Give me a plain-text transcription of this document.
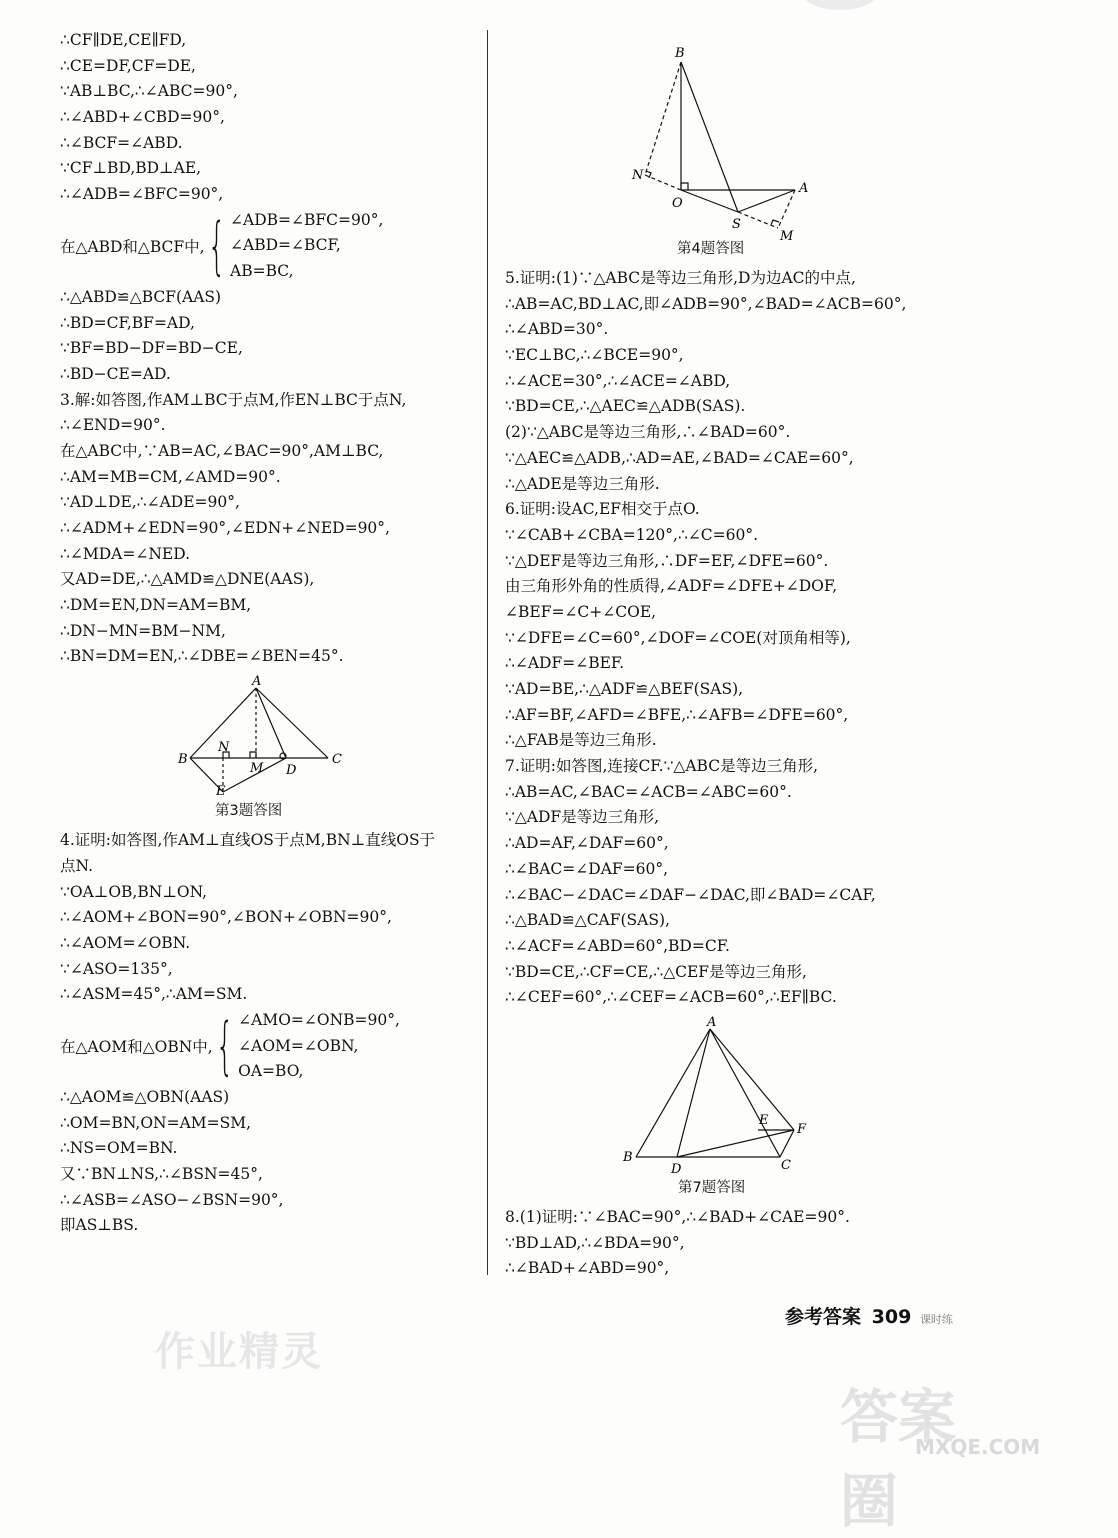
∴CF∥DE,CE∥FD,
∴CE=DF,CF=DE,
∵AB⊥BC,∴∠ABC=90°,
∴∠ABD+∠CBD=90°,
∴∠BCF=∠ABD.
∵CF⊥BD,BD⊥AE,
∴∠ADB=∠BFC=90°,
在△ABD和△BCF中, { ∠ADB=∠BFC=90°,
∠ABD=∠BCF,
AB=BC,
∴△ABD≌△BCF(AAS)
∴BD=CF,BF=AD,
∵BF=BD−DF=BD−CE,
∴BD−CE=AD.
3.解:如答图,作AM⊥BC于点M,作EN⊥BC于点N,
∴∠END=90°.
在△ABC中,∵AB=AC,∠BAC=90°,AM⊥BC,
∴AM=MB=CM,∠AMD=90°.
∵AD⊥DE,∴∠ADE=90°,
∴∠ADM+∠EDN=90°,∠EDN+∠NED=90°,
∴∠MDA=∠NED.
又AD=DE,∴△AMD≌△DNE(AAS),
∴DM=EN,DN=AM=BM,
∴DN−MN=BM−NM,
∴BN=DM=EN,∴∠DBE=∠BEN=45°.
A
B
N
M D
C
E
第3题答图
4.证明:如答图,作AM⊥直线OS于点M,BN⊥直线OS于
点N.
∵OA⊥OB,BN⊥ON,
∴∠AOM+∠BON=90°,∠BON+∠OBN=90°,
∴∠AOM=∠OBN.
∵∠ASO=135°,
∴∠ASM=45°,∴AM=SM.
在△AOM和△OBN中, { ∠AMO=∠ONB=90°,
∠AOM=∠OBN,
OA=BO,
∴△AOM≌△OBN(AAS)
∴OM=BN,ON=AM=SM,
∴NS=OM=BN.
又∵BN⊥NS,∴∠BSN=45°,
∴∠ASB=∠ASO−∠BSN=90°,
即AS⊥BS.
B
N
O
A
S
M
第4题答图
5.证明:(1)∵△ABC是等边三角形,D为边AC的中点,
∴AB=AC,BD⊥AC,即∠ADB=90°,∠BAD=∠ACB=60°,
∴∠ABD=30°.
∵EC⊥BC,∴∠BCE=90°,
∴∠ACE=30°,∴∠ACE=∠ABD,
∵BD=CE,∴△AEC≌△ADB(SAS).
(2)∵△ABC是等边三角形,∴∠BAD=60°.
∵△AEC≌△ADB,∴AD=AE,∠BAD=∠CAE=60°,
∴△ADE是等边三角形.
6.证明:设AC,EF相交于点O.
∵∠CAB+∠CBA=120°,∴∠C=60°.
∵△DEF是等边三角形,∴DF=EF,∠DFE=60°.
由三角形外角的性质得,∠ADF=∠DFE+∠DOF,
∠BEF=∠C+∠COE,
∵∠DFE=∠C=60°,∠DOF=∠COE(对顶角相等),
∴∠ADF=∠BEF.
∵AD=BE,∴△ADF≌△BEF(SAS),
∴AF=BF,∠AFD=∠BFE,∴∠AFB=∠DFE=60°,
∴△FAB是等边三角形.
7.证明:如答图,连接CF.∵△ABC是等边三角形,
∴AB=AC,∠BAC=∠ACB=∠ABC=60°.
∵△ADF是等边三角形,
∴AD=AF,∠DAF=60°,
∴∠BAC=∠DAF=60°,
∴∠BAC−∠DAC=∠DAF−∠DAC,即∠BAD=∠CAF,
∴△BAD≌△CAF(SAS),
∴∠ACF=∠ABD=60°,BD=CF.
∵BD=CE,∴CF=CE,∴△CEF是等边三角形,
∴∠CEF=60°,∴∠CEF=∠ACB=60°,∴EF∥BC.
A
E
F
B
D	C
第7题答图
8.(1)证明:∵∠BAC=90°,∴∠BAD+∠CAE=90°.
∵BD⊥AD,∴∠BDA=90°,
∴∠BAD+∠ABD=90°,
参考答案 309 课时练
作业精灵
答案圈
MXQE.COM
